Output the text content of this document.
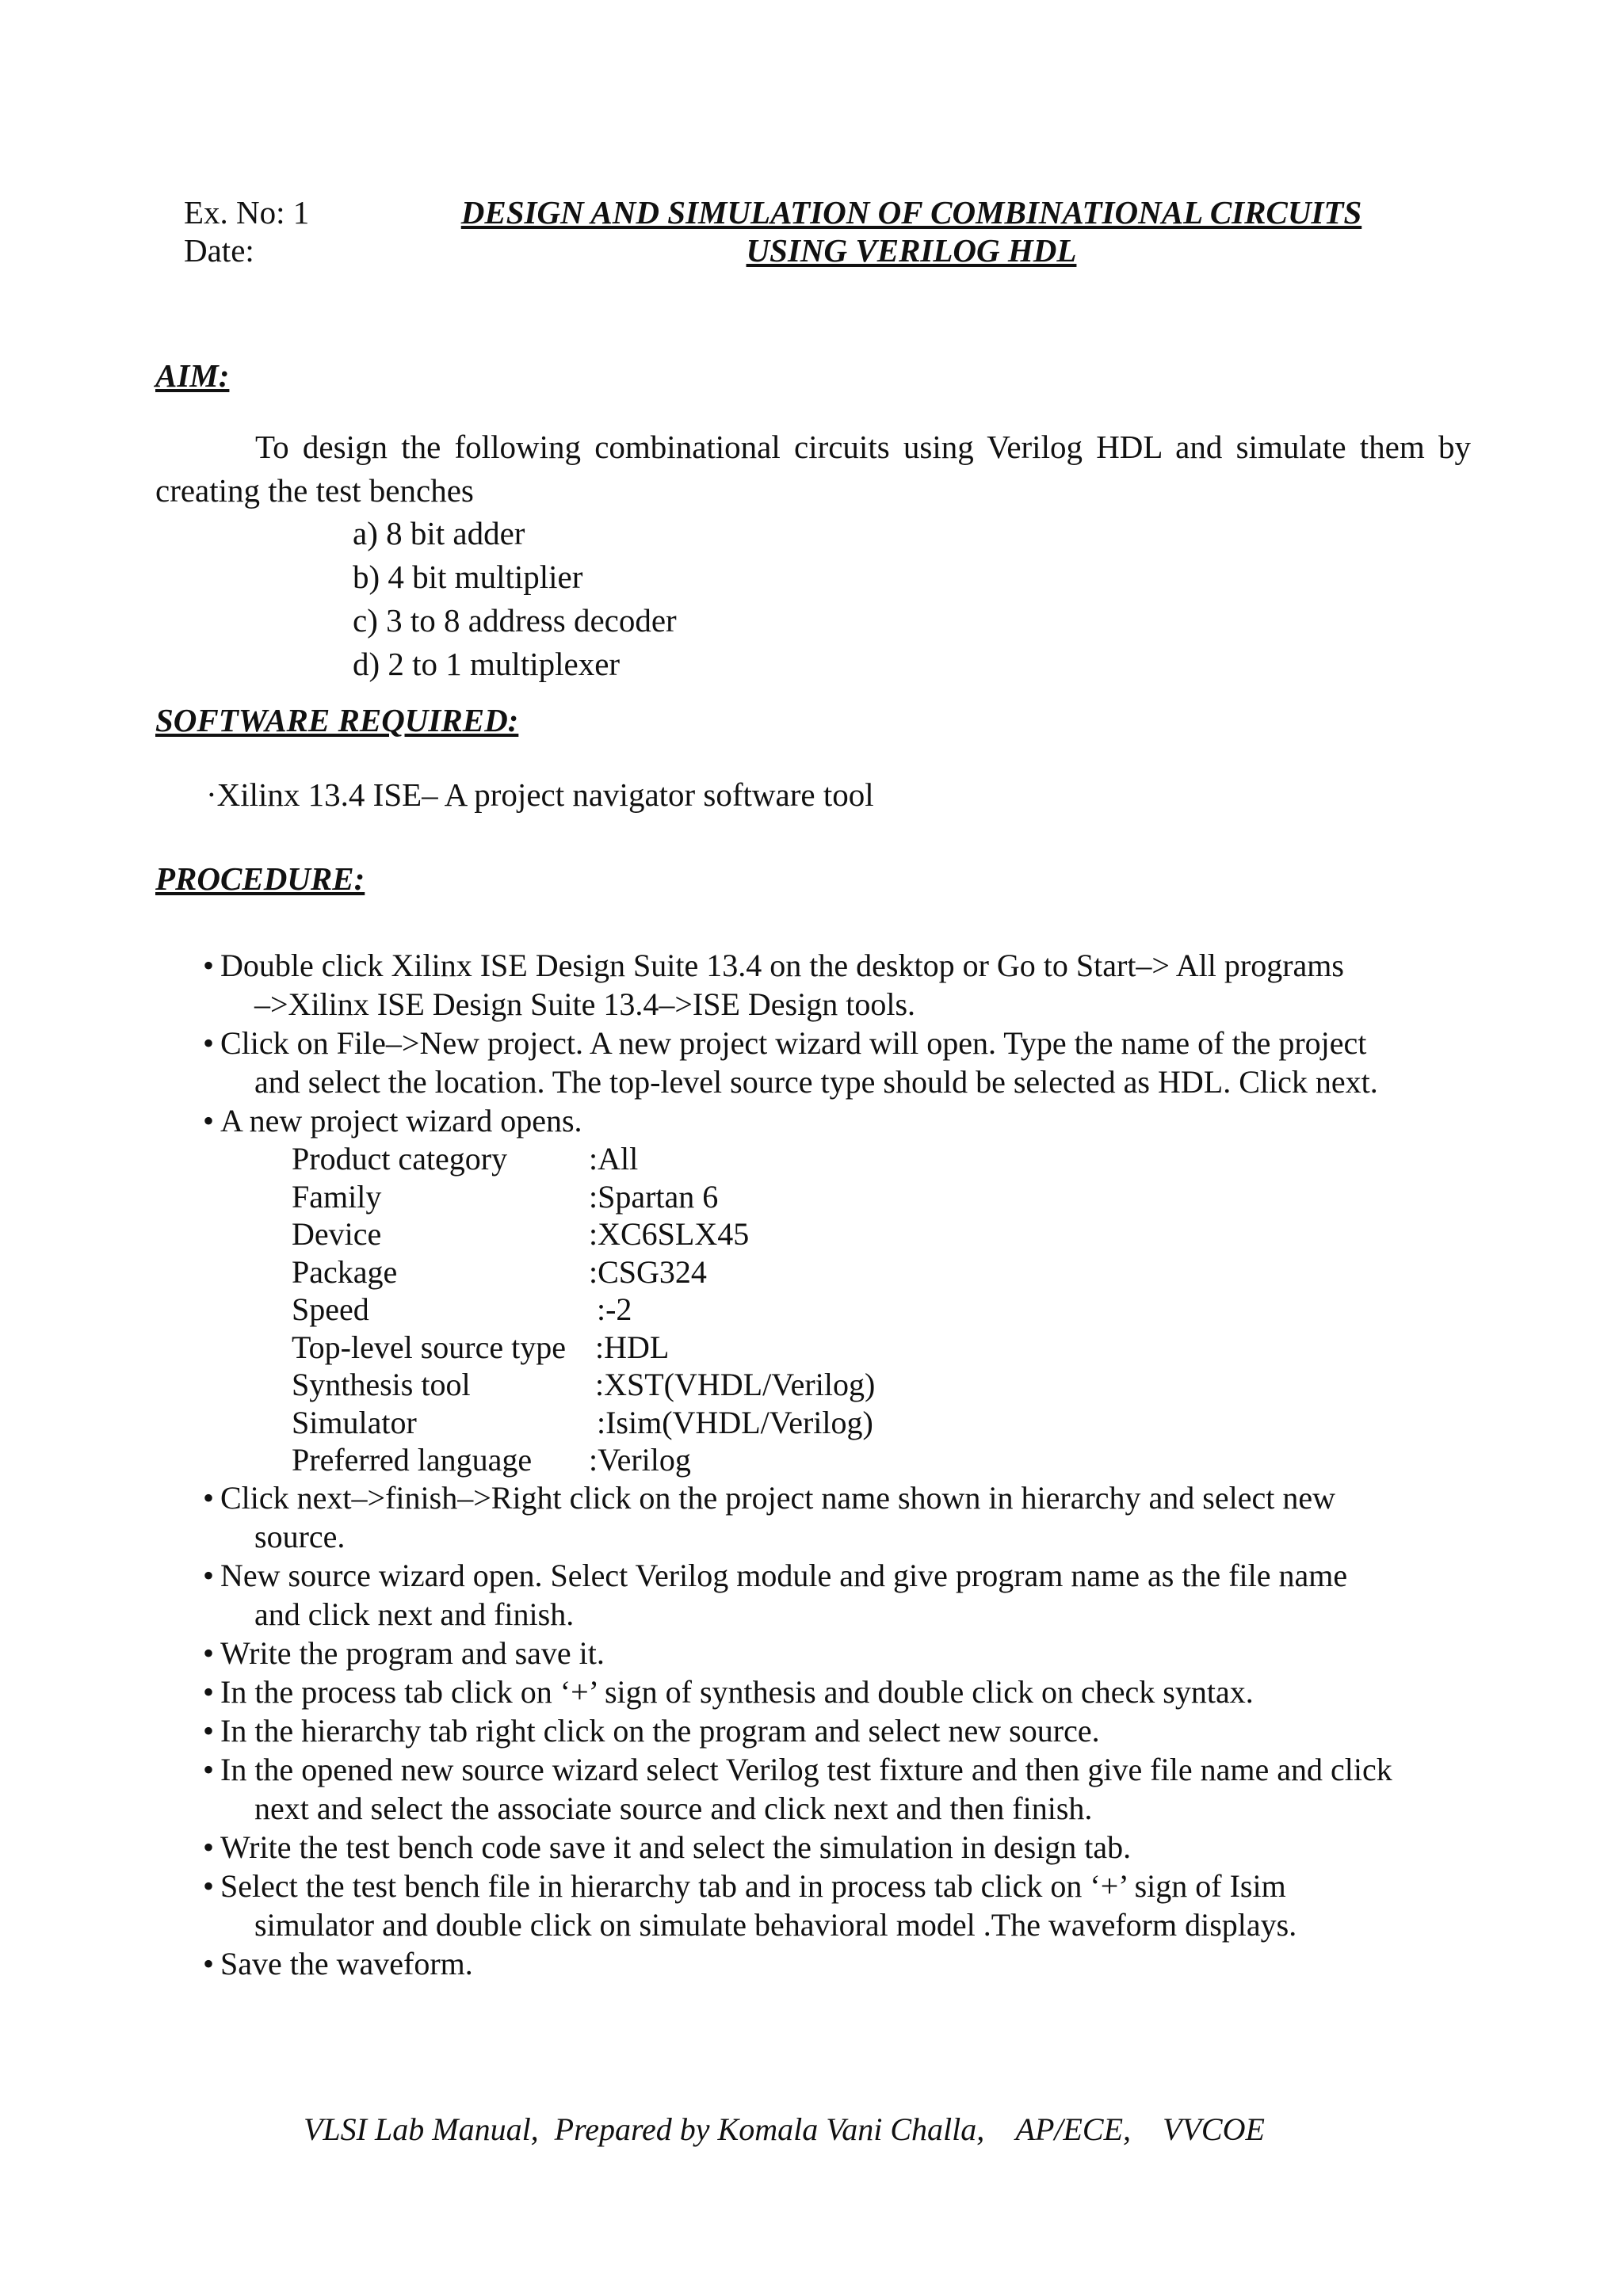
Ex. No: 1
Date:
DESIGN AND SIMULATION OF COMBINATIONAL CIRCUITS
USING VERILOG HDL
AIM:
To design the following combinational circuits using Verilog HDL and simulate them by creating the test benches
a) 8 bit adder
b) 4 bit multiplier
c) 3 to 8 address decoder
d) 2 to 1 multiplexer
SOFTWARE REQUIRED:
·Xilinx 13.4 ISE– A project navigator software tool
PROCEDURE:
• Double click Xilinx ISE Design Suite 13.4 on the desktop or Go to Start–> All programs
–>Xilinx ISE Design Suite 13.4–>ISE Design tools.
• Click on File–>New project. A new project wizard will open. Type the name of the project
and select the location. The top-level source type should be selected as HDL. Click next.
• A new project wizard opens.
Product category	:All
Family	:Spartan 6
Device	:XC6SLX45
Package	:CSG324
Speed	:-2
Top-level source type :HDL
Synthesis tool	:XST(VHDL/Verilog)
Simulator	:Isim(VHDL/Verilog)
Preferred language :Verilog
• Click next–>finish–>Right click on the project name shown in hierarchy and select new
source.
• New source wizard open. Select Verilog module and give program name as the file name
and click next and finish.
• Write the program and save it.
• In the process tab click on ‘+’ sign of synthesis and double click on check syntax.
• In the hierarchy tab right click on the program and select new source.
• In the opened new source wizard select Verilog test fixture and then give file name and click
next and select the associate source and click next and then finish.
• Write the test bench code save it and select the simulation in design tab.
• Select the test bench file in hierarchy tab and in process tab click on ‘+’ sign of Isim
simulator and double click on simulate behavioral model .The waveform displays.
• Save the waveform.
VLSI Lab Manual,  Prepared by Komala Vani Challa,    AP/ECE,    VVCOE
